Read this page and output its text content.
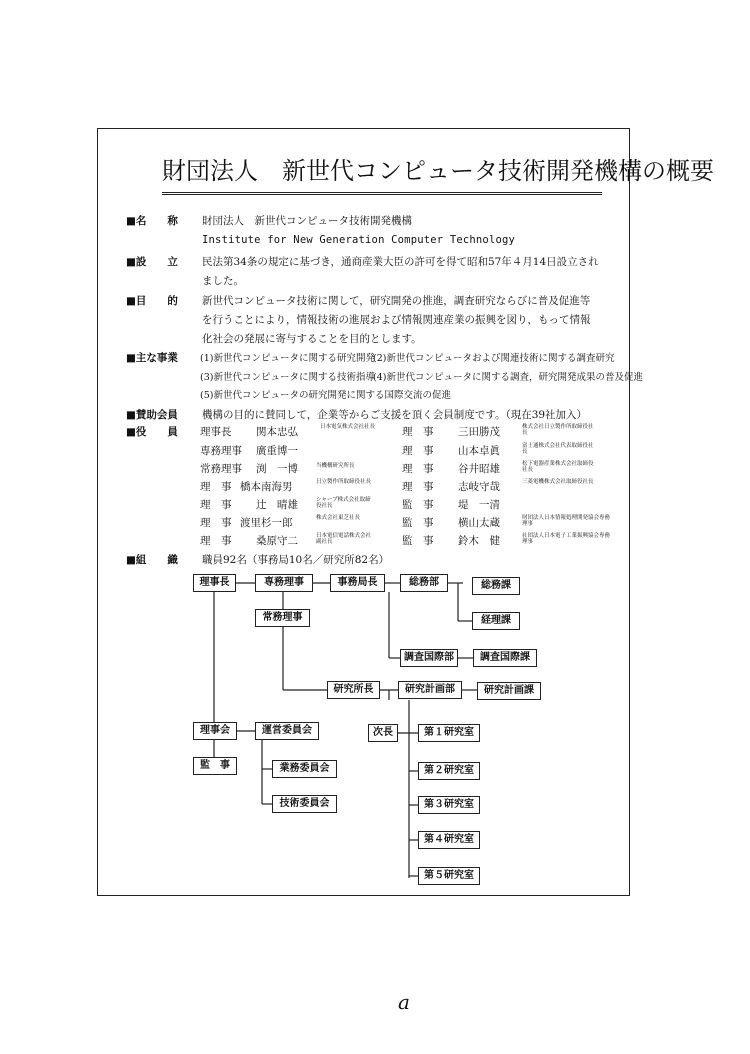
財団法人　新世代コンピュータ技術開発機構の概要
■名　　称 財団法人　新世代コンピュータ技術開発機構
Institute for New Generation Computer Technology
■設　　立 民法第34条の規定に基づき，通商産業大臣の許可を得て昭和57年４月14日設立され
ました。
■目　　的 新世代コンピュータ技術に関して，研究開発の推進，調査研究ならびに普及促進等
を行うことにより，情報技術の進展および情報関連産業の振興を図り，もって情報
化社会の発展に寄与することを目的とします。
■主な事業 (1)新世代コンピュータに関する研究開発
(2)新世代コンピュータおよび関連技術に関する調査研究
(3)新世代コンピュータに関する技術指導
(4)新世代コンピュータに関する調査，研究開発成果の普及促進
(5)新世代コンピュータの研究開発に関する国際交流の促進
■賛助会員 機構の目的に賛同して，企業等からご支援を頂く会員制度です。（現在39社加入）
■役　　員 理事長 関本忠弘	日本電気株式会社社長
専務理事 廣重博一
常務理事 渕　一博	当機構研究所長
理　事 橋本南海男	日立製作所取締役社長
理　事 辻　晴雄	シャープ株式会社取締役社長
理　事 渡里杉一郎	株式会社東芝社長
理　事 桑原守二	日本電信電話株式会社副社長
理　事 三田勝茂	株式会社日立製作所取締役社長
理　事 山本卓眞	富士通株式会社代表取締役社長
理　事 谷井昭雄	松下電器産業株式会社取締役社長
理　事 志岐守哉	三菱電機株式会社取締役社長
監　事 堤　一清
監　事 横山太蔵	財団法人日本情報処理開発協会専務理事
監　事 鈴木　健	社団法人日本電子工業振興協会専務理事
■組　　織 職員92名（事務局10名／研究所82名）
理事長	専務理事	事務局長	総務部	総務課
経理課
常務理事
調査国際部	調査国際課
研究所長	研究計画部	研究計画課
理事会	運営委員会	次長
監　事	業務委員会
技術委員会
第１研究室
第２研究室
第３研究室
第４研究室
第５研究室
a
